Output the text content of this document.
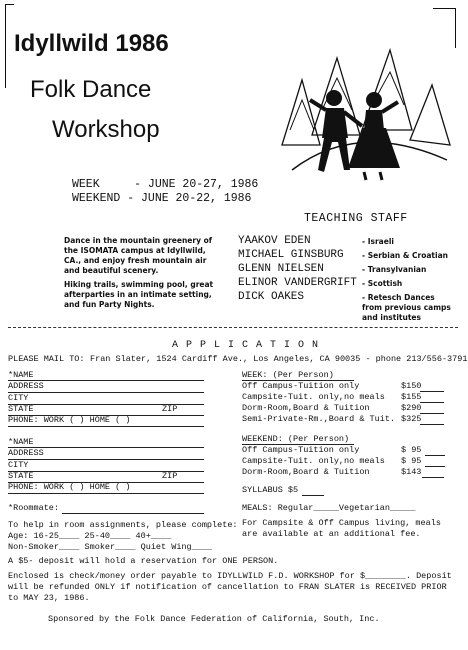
Idyllwild 1986
Folk Dance
Workshop
WEEK     - JUNE 20-27, 1986
WEEKEND - JUNE 20-22, 1986
TEACHING STAFF
Dance in the mountain greenery of the ISOMATA campus at Idyllwild, CA., and enjoy fresh mountain air and beautiful scenery.
Hiking trails, swimming pool, great afterparties in an intimate setting, and fun Party Nights.
YAAKOV EDEN	- Israeli
MICHAEL GINSBURG - Serbian & Croatian
GLENN NIELSEN	- Transylvanian
ELINOR VANDERGRIFT - Scottish
DICK OAKES	- Retesch Dances from previous camps and institutes
A P P L I C A T I O N
PLEASE MAIL TO: Fran Slater, 1524 Cardiff Ave., Los Angeles, CA 90035 - phone 213/556-3791
*NAME
ADDRESS
CITY
STATE	ZIP
PHONE: WORK ( ) HOME ( )
*NAME
ADDRESS
CITY
STATE	ZIP
PHONE: WORK ( ) HOME ( )
*Roommate:
To help in room assignments, please complete:
Age: 16-25____ 25-40____ 40+____
Non-Smoker____ Smoker____ Quiet Wing____
WEEK: (Per Person)
Off Campus-Tuition only	$150
Campsite-Tuit. only,no meals $155
Dorm-Room,Board & Tuition	$290
Semi-Private-Rm.,Board & Tuit. $325
WEEKEND: (Per Person)
Off Campus-Tuition only	$ 95
Campsite-Tuit. only,no meals $ 95
Dorm-Room,Board & Tuition	$143
SYLLABUS $5
MEALS: Regular_____Vegetarian_____
For Campsite & Off Campus living, meals are available at an additional fee.
A $5- deposit will hold a reservation for ONE PERSON.
Enclosed is check/money order payable to IDYLLWILD F.D. WORKSHOP for $________. Deposit will be refunded ONLY if notification of cancellation to FRAN SLATER is RECEIVED PRIOR to MAY 23, 1986.
Sponsored by the Folk Dance Federation of California, South, Inc.
